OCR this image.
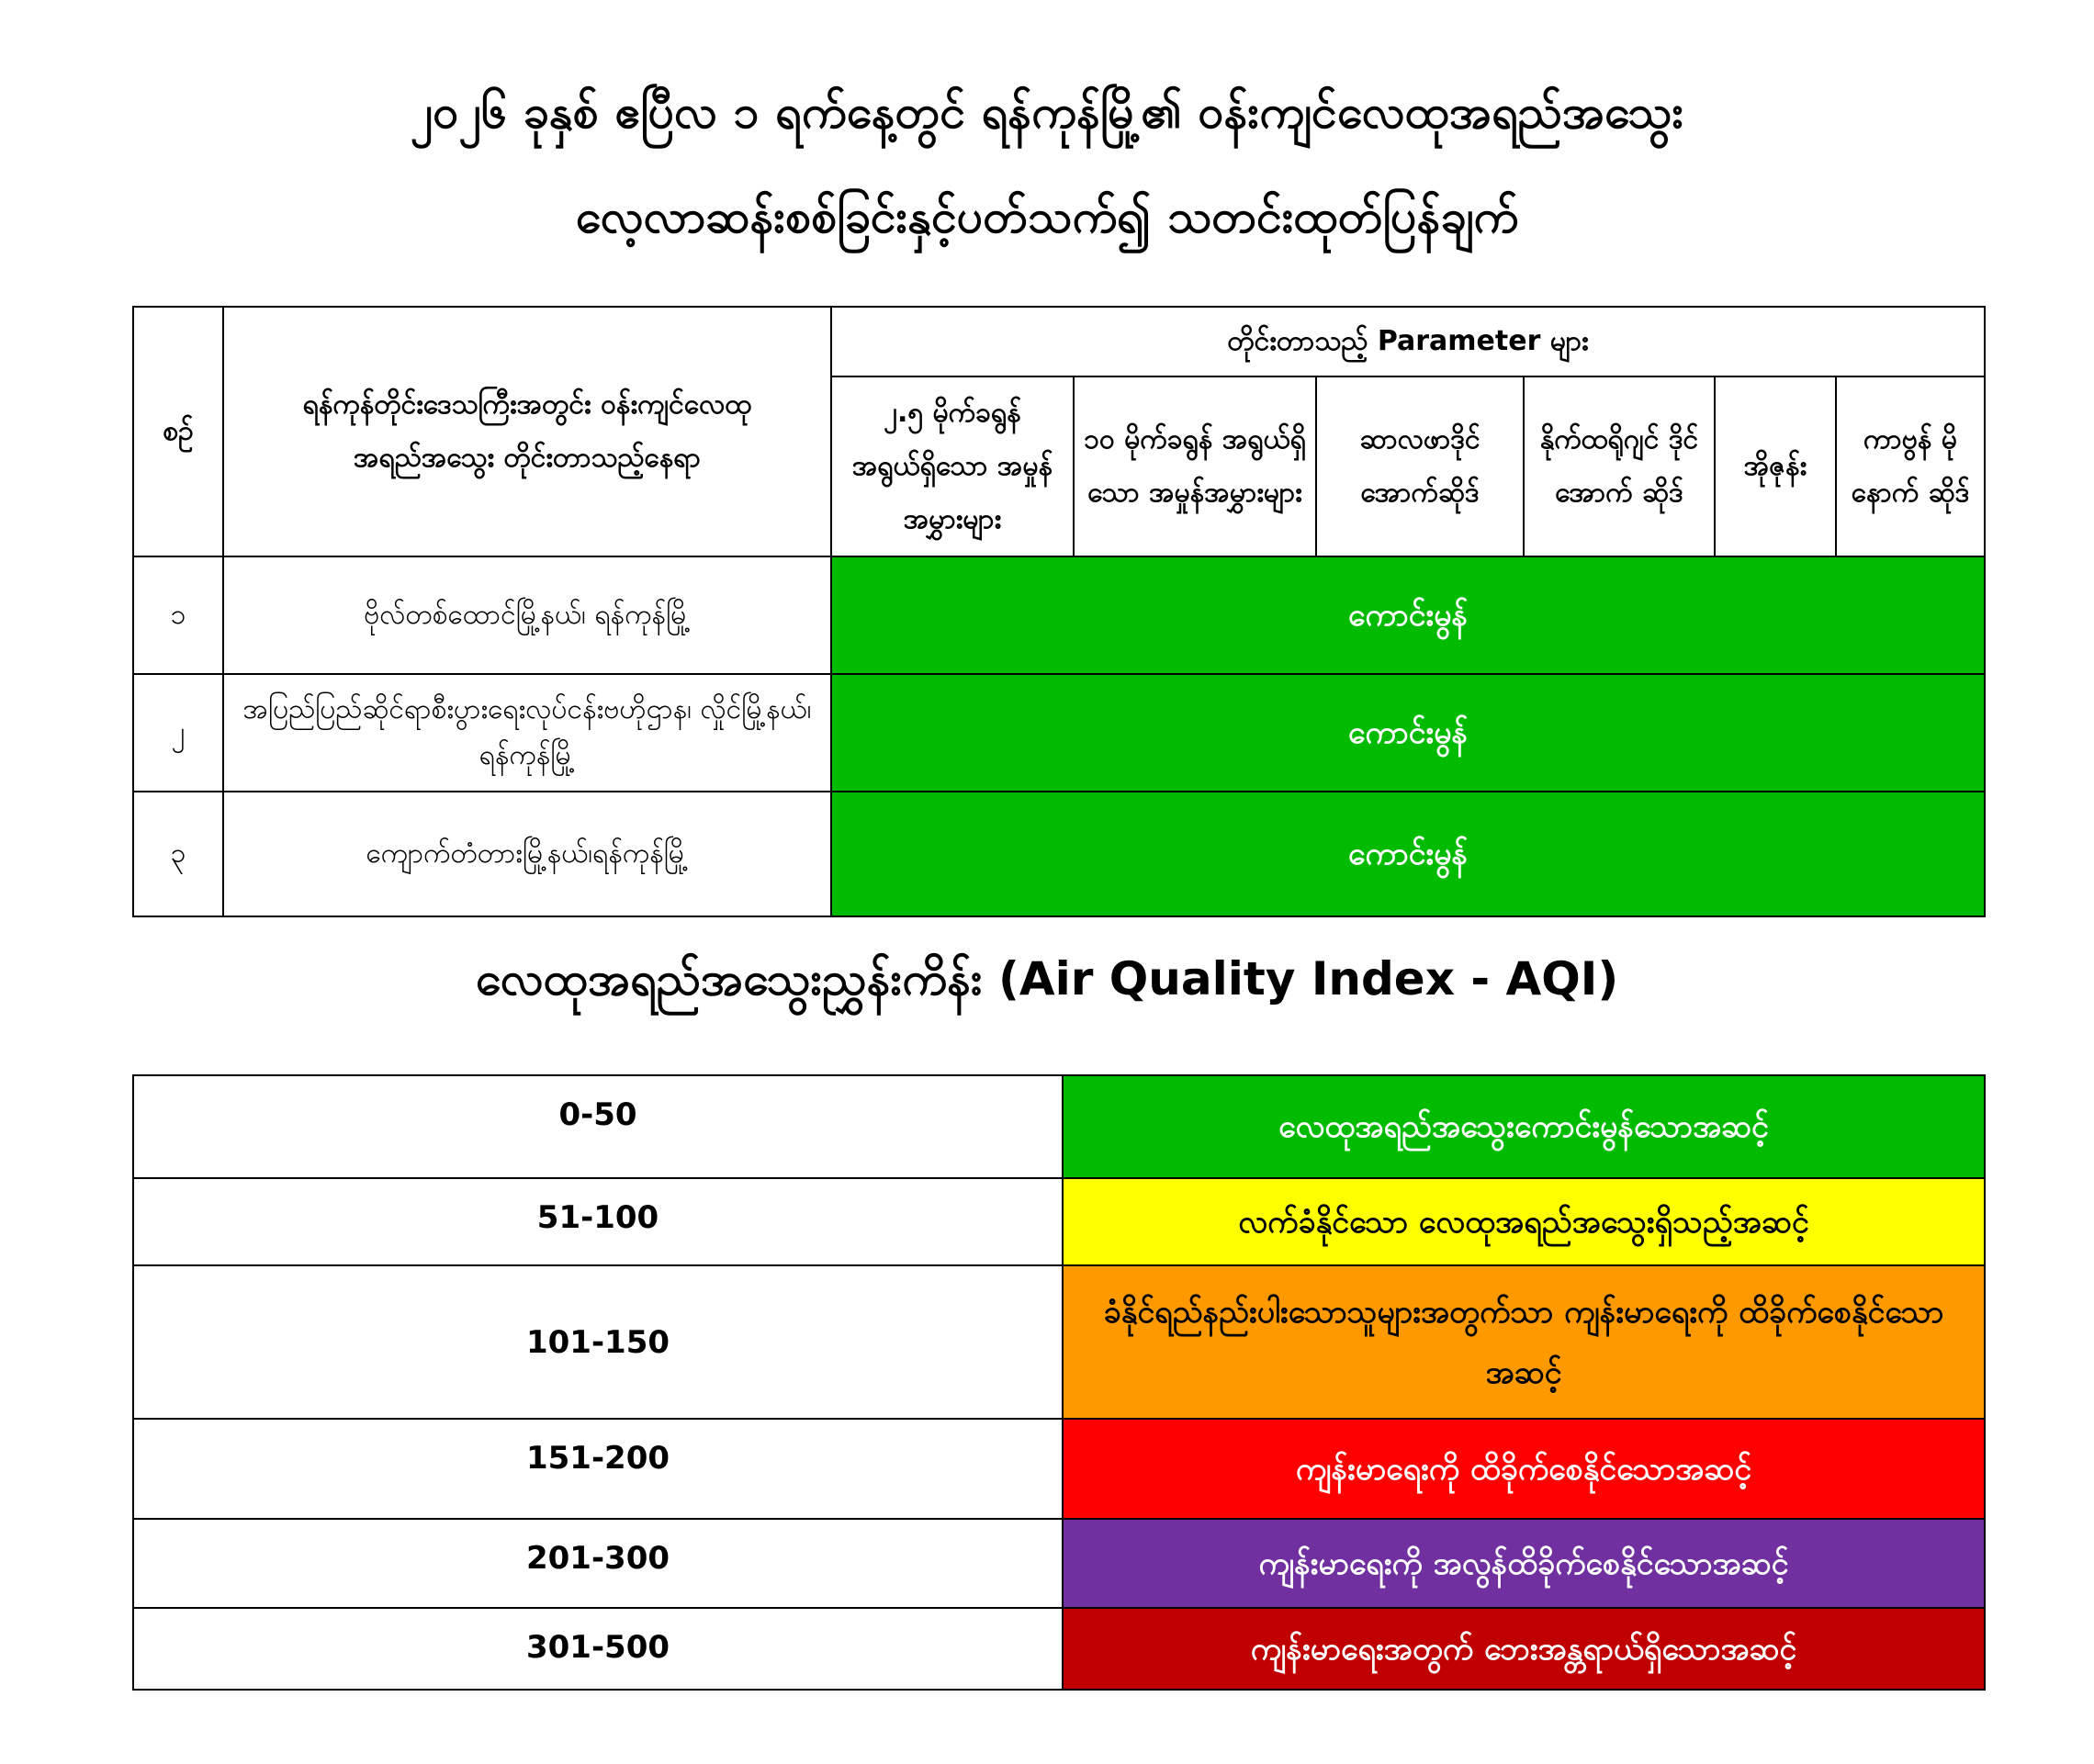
၂၀၂၆ ခုနှစ် ဧပြီလ ၁ ရက်နေ့တွင် ရန်ကုန်မြို့၏ ဝန်းကျင်လေထုအရည်အသွေး
လေ့လာဆန်းစစ်ခြင်းနှင့်ပတ်သက်၍ သတင်းထုတ်ပြန်ချက်
စဉ်	ရန်ကုန်တိုင်းဒေသကြီးအတွင်း ဝန်းကျင်လေထု အရည်အသွေး တိုင်းတာသည့်နေရာ	တိုင်းတာသည့် Parameter များ					
		၂.၅ မိုက်ခရွန် အရွယ်ရှိသော အမှုန်အမွှားများ	၁၀ မိုက်ခရွန် အရွယ်ရှိသော အမှုန်အမွှားများ	ဆာလဖာဒိုင် အောက်ဆိုဒ်	နိုက်ထရိုဂျင် ဒိုင်အောက် ဆိုဒ်	အိုဇုန်း	ကာဗွန် မိုနောက် ဆိုဒ်
၁	ဗိုလ်တစ်ထောင်မြို့နယ်၊ ရန်ကုန်မြို့	ကောင်းမွန်					
၂	အပြည်ပြည်ဆိုင်ရာစီးပွားရေးလုပ်ငန်းဗဟိုဌာန၊ လှိုင်မြို့နယ်၊ ရန်ကုန်မြို့	ကောင်းမွန်					
၃	ကျောက်တံတားမြို့နယ်၊ရန်ကုန်မြို့	ကောင်းမွန်					
လေထုအရည်အသွေးညွှန်းကိန်း (Air Quality Index - AQI)
0-50	လေထုအရည်အသွေးကောင်းမွန်သောအဆင့်
51-100	လက်ခံနိုင်သော လေထုအရည်အသွေးရှိသည့်အဆင့်
101-150	ခံနိုင်ရည်နည်းပါးသောသူများအတွက်သာ ကျန်းမာရေးကို ထိခိုက်စေနိုင်သောအဆင့်
151-200	ကျန်းမာရေးကို ထိခိုက်စေနိုင်သောအဆင့်
201-300	ကျန်းမာရေးကို အလွန်ထိခိုက်စေနိုင်သောအဆင့်
301-500	ကျန်းမာရေးအတွက် ဘေးအန္တရာယ်ရှိသောအဆင့်
